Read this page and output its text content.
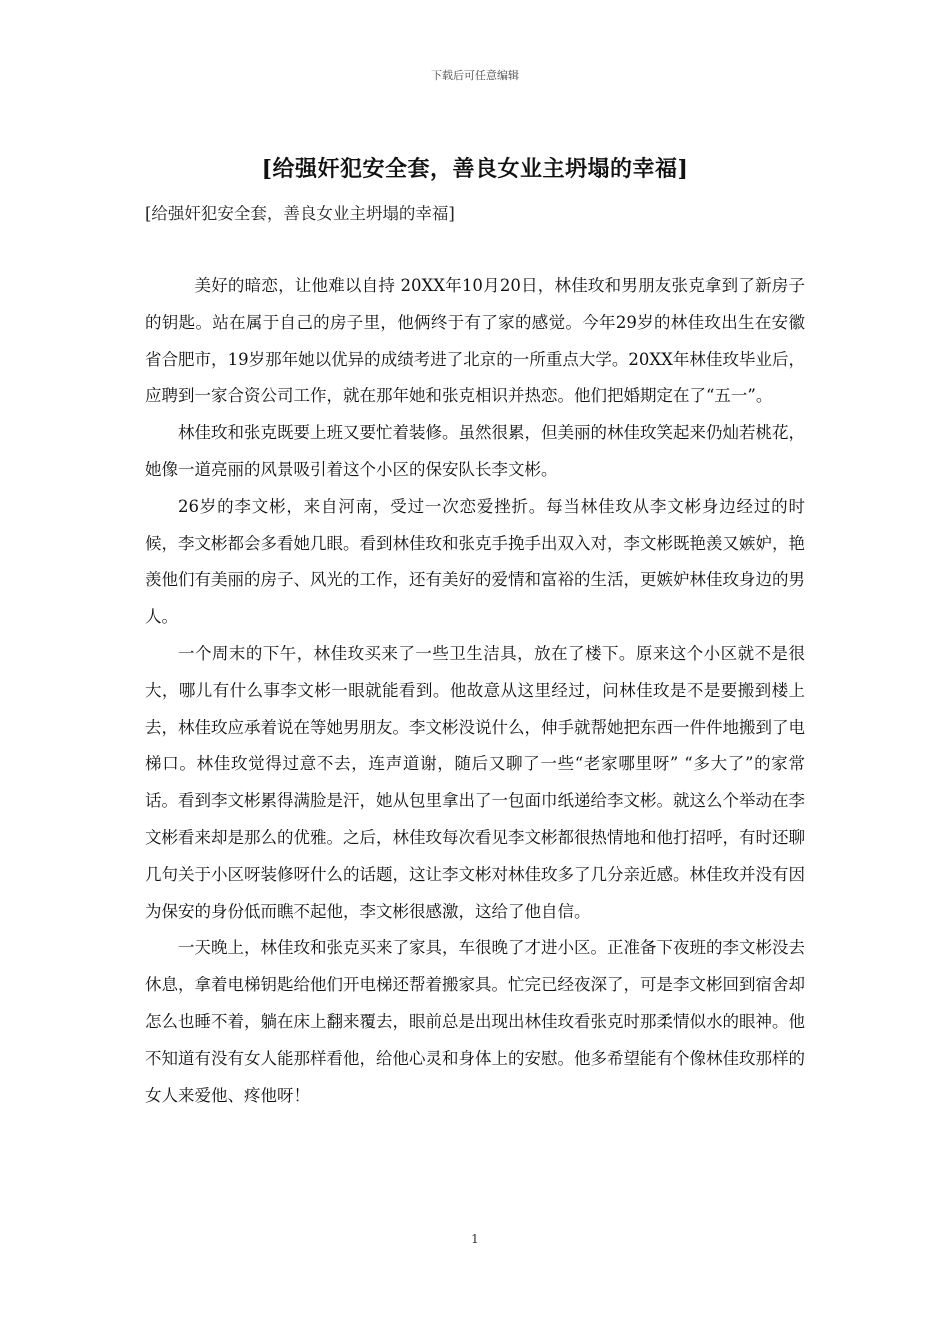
下载后可任意编辑
[给强奸犯安全套，善良女业主坍塌的幸福]
[给强奸犯安全套，善良女业主坍塌的幸福]

美好的暗恋，让他难以自持 20XX年10月20日，林佳玫和男朋友张克拿到了新房子的钥匙。站在属于自己的房子里，他俩终于有了家的感觉。今年29岁的林佳玫出生在安徽省合肥市，19岁那年她以优异的成绩考进了北京的一所重点大学。20XX年林佳玫毕业后，应聘到一家合资公司工作，就在那年她和张克相识并热恋。他们把婚期定在了“五一”。

林佳玫和张克既要上班又要忙着装修。虽然很累，但美丽的林佳玫笑起来仍灿若桃花，她像一道亮丽的风景吸引着这个小区的保安队长李文彬。

26岁的李文彬，来自河南，受过一次恋爱挫折。每当林佳玫从李文彬身边经过的时候，李文彬都会多看她几眼。看到林佳玫和张克手挽手出双入对，李文彬既艳羡又嫉妒，艳羡他们有美丽的房子、风光的工作，还有美好的爱情和富裕的生活，更嫉妒林佳玫身边的男人。

一个周末的下午，林佳玫买来了一些卫生洁具，放在了楼下。原来这个小区就不是很大，哪儿有什么事李文彬一眼就能看到。他故意从这里经过，问林佳玫是不是要搬到楼上去，林佳玫应承着说在等她男朋友。李文彬没说什么，伸手就帮她把东西一件件地搬到了电梯口。林佳玫觉得过意不去，连声道谢，随后又聊了一些“老家哪里呀” “多大了”的家常话。看到李文彬累得满脸是汗，她从包里拿出了一包面巾纸递给李文彬。就这么个举动在李文彬看来却是那么的优雅。之后，林佳玫每次看见李文彬都很热情地和他打招呼，有时还聊几句关于小区呀装修呀什么的话题，这让李文彬对林佳玫多了几分亲近感。林佳玫并没有因为保安的身份低而瞧不起他，李文彬很感激，这给了他自信。

一天晚上，林佳玫和张克买来了家具，车很晚了才进小区。正准备下夜班的李文彬没去休息，拿着电梯钥匙给他们开电梯还帮着搬家具。忙完已经夜深了，可是李文彬回到宿舍却怎么也睡不着，躺在床上翻来覆去，眼前总是出现出林佳玫看张克时那柔情似水的眼神。他不知道有没有女人能那样看他，给他心灵和身体上的安慰。他多希望能有个像林佳玫那样的女人来爱他、疼他呀！

1
